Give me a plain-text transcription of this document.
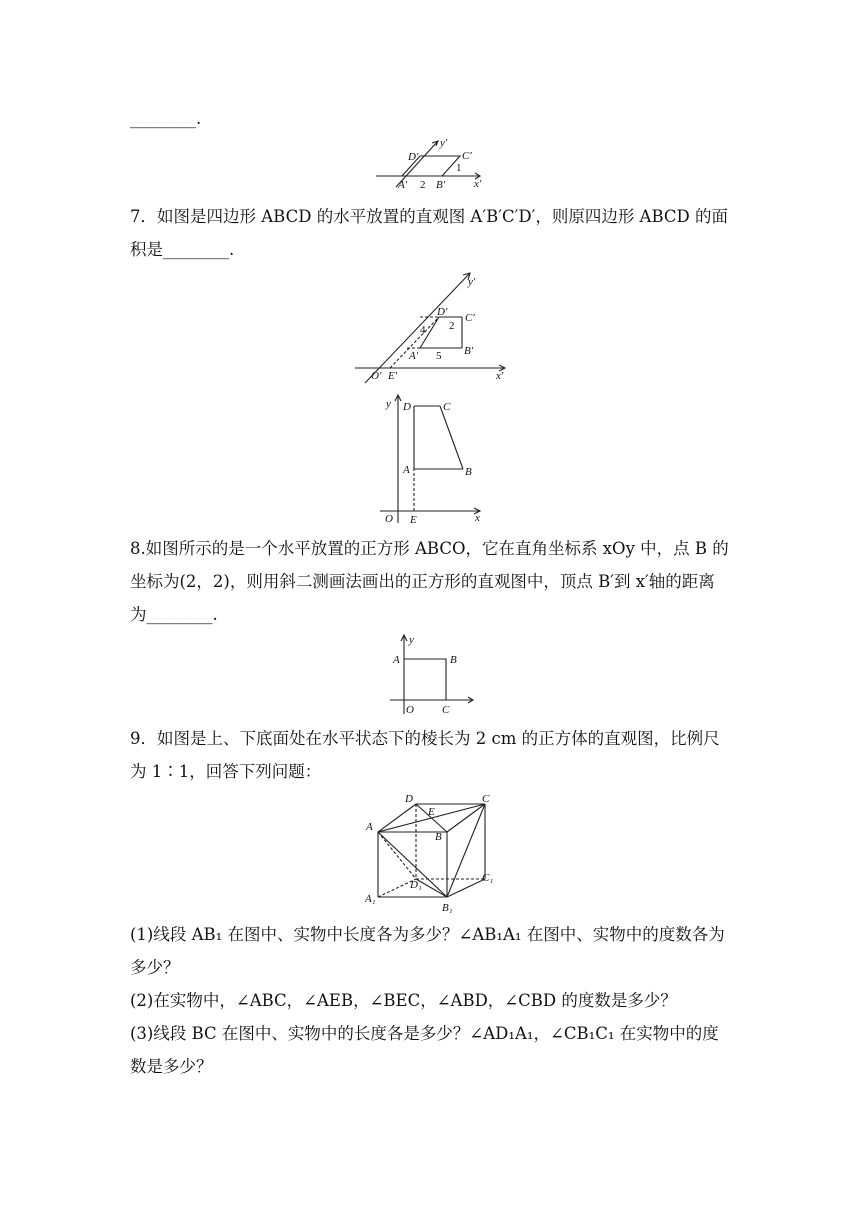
________.

y′
D′	C′
1
A′ 2 B′	x′

7．如图是四边形 ABCD 的水平放置的直观图 A′B′C′D′，则原四边形 ABCD 的面
积是________.

y′
D′ C′
4 2
B′
A′ 5
O′ E′	x′
y D	C
A	B
O E	x

8.如图所示的是一个水平放置的正方形 ABCO，它在直角坐标系 xOy 中，点 B 的
坐标为(2，2)，则用斜二测画法画出的正方形的直观图中，顶点 B′到 x′轴的距离
为________.

y
A	B
O	C

9．如图是上、下底面处在水平状态下的棱长为 2 cm 的正方体的直观图，比例尺
为 1∶1，回答下列问题：

D
E
C
A
B
D₁
C₁
A₁
B₁

(1)线段 AB₁ 在图中、实物中长度各为多少？∠AB₁A₁ 在图中、实物中的度数各为
多少？
(2)在实物中，∠ABC，∠AEB，∠BEC，∠ABD，∠CBD 的度数是多少？
(3)线段 BC 在图中、实物中的长度各是多少？∠AD₁A₁，∠CB₁C₁ 在实物中的度
数是多少？
